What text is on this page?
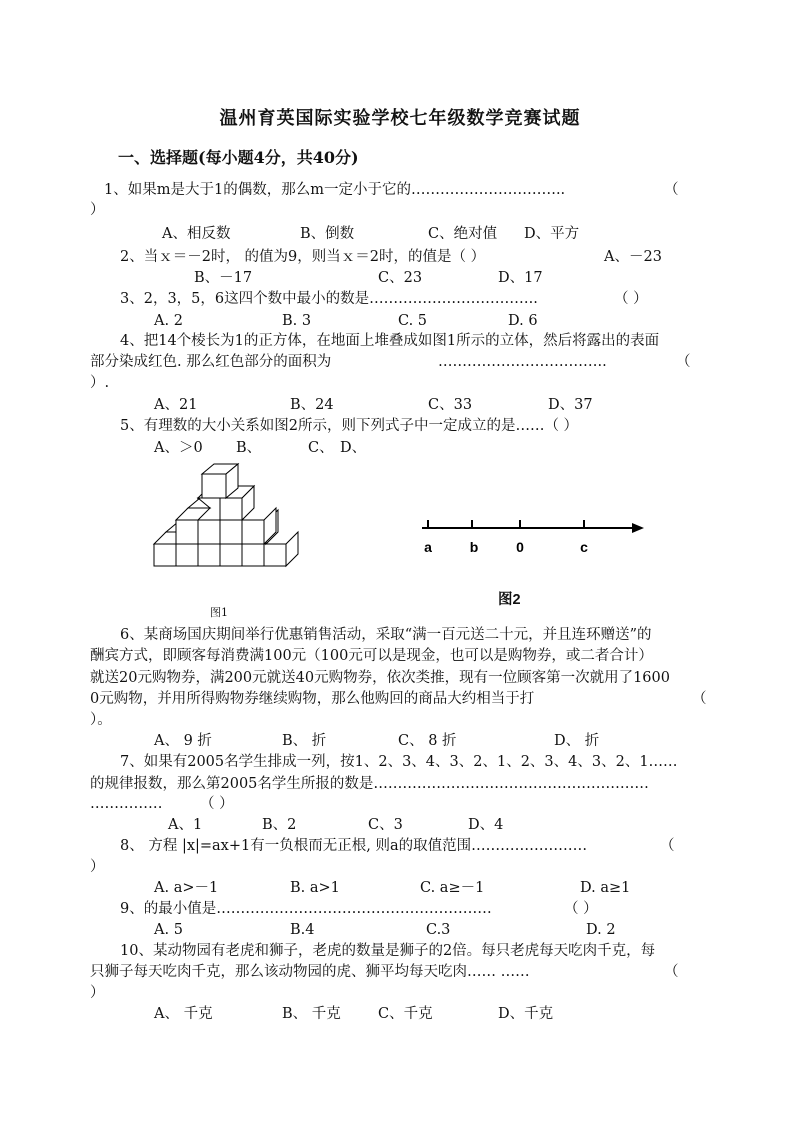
温州育英国际实验学校七年级数学竞赛试题
一、选择题(每小题4分，共40分)
1、如果m是大于1的偶数，那么m一定小于它的…………………………..	（
）
A、相反数	B、倒数	C、绝对值 D、平方
2、当ｘ＝－2时， 的值为9，则当ｘ＝2时，的值是（ ）	A、－23
B、－17	C、23	D、17
3、2，3，5，6这四个数中最小的数是……………………………..	（ ）
A. 2	B. 3	C. 5	D. 6
4、把14个棱长为1的正方体，在地面上堆叠成如图1所示的立体，然后将露出的表面
部分染成红色. 那么红色部分的面积为	……………………………..	（
）.
A、21	B、24	C、33	D、37
5、有理数的大小关系如图2所示，则下列式子中一定成立的是……（ ）
A、＞0 B、	C、 D、
图1
a	b	0	c
图2
6、某商场国庆期间举行优惠销售活动，采取“满一百元送二十元，并且连环赠送”的
酬宾方式，即顾客每消费满100元（100元可以是现金，也可以是购物券，或二者合计）
就送20元购物券，满200元就送40元购物券，依次类推，现有一位顾客第一次就用了1600
0元购物，并用所得购物券继续购物，那么他购回的商品大约相当于打	（
）。
A、 9 折	B、 折	C、 8 折	D、 折
7、如果有2005名学生排成一列，按1、2、3、4、3、2、1、2、3、4、3、2、1……
的规律报数，那么第2005名学生所报的数是…………………………………………………
……………	（ ）
A、1	B、2	C、3	D、4
8、 方程 |x|=ax+1有一负根而无正根, 则a的取值范围……………………	（
）
A. a>－1	B. a>1	C. a≥－1	D. a≥1
9、的最小值是…………………………………………………	（ ）
A. 5	B.4	C.3	D. 2
10、某动物园有老虎和狮子，老虎的数量是狮子的2倍。每只老虎每天吃肉千克，每
只狮子每天吃肉千克，那么该动物园的虎、狮平均每天吃肉…… ……	（
）
A、 千克	B、 千克	C、千克	D、千克
